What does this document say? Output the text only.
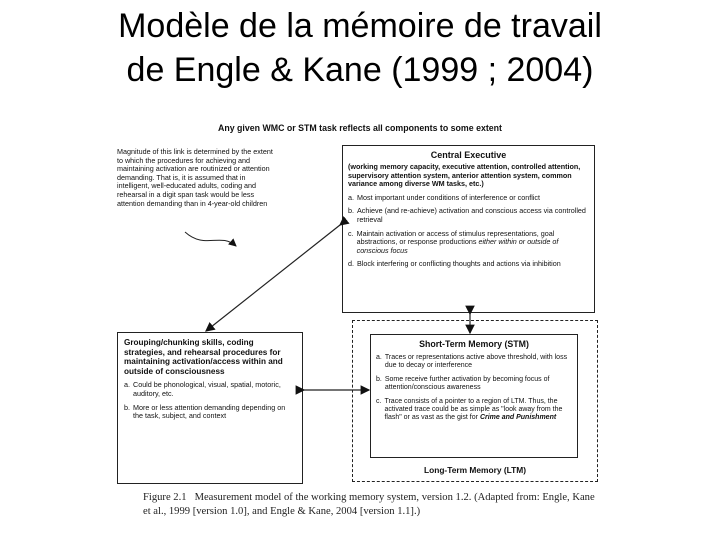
Modèle de la mémoire de travail
de Engle & Kane (1999 ; 2004)
Any given WMC or STM task reflects all components to some extent
Magnitude of this link is determined by the extent to which the procedures for achieving and maintaining activation are routinized or attention demanding. That is, it is assumed that in intelligent, well-educated adults, coding and rehearsal in a digit span task would be less attention demanding than in 4-year-old children
Central Executive
(working memory capacity, executive attention, controlled attention, supervisory attention system, anterior attention system, common variance among diverse WM tasks, etc.)
a. Most important under conditions of interference or conflict
b. Achieve (and re-achieve) activation and conscious access via controlled retrieval
c. Maintain activation or access of stimulus representations, goal abstractions, or response productions either within or outside of conscious focus
d. Block interfering or conflicting thoughts and actions via inhibition
Grouping/chunking skills, coding strategies, and rehearsal procedures for maintaining activation/access within and outside of consciousness
a. Could be phonological, visual, spatial, motoric, auditory, etc.
b. More or less attention demanding depending on the task, subject, and context
Long-Term Memory (LTM)
Short-Term Memory (STM)
a. Traces or representations active above threshold, with loss due to decay or interference
b. Some receive further activation by becoming focus of attention/conscious awareness
c. Trace consists of a pointer to a region of LTM. Thus, the activated trace could be as simple as "look away from the flash" or as vast as the gist for Crime and Punishment
Figure 2.1 Measurement model of the working memory system, version 1.2. (Adapted from: Engle, Kane et al., 1999 [version 1.0], and Engle & Kane, 2004 [version 1.1].)
